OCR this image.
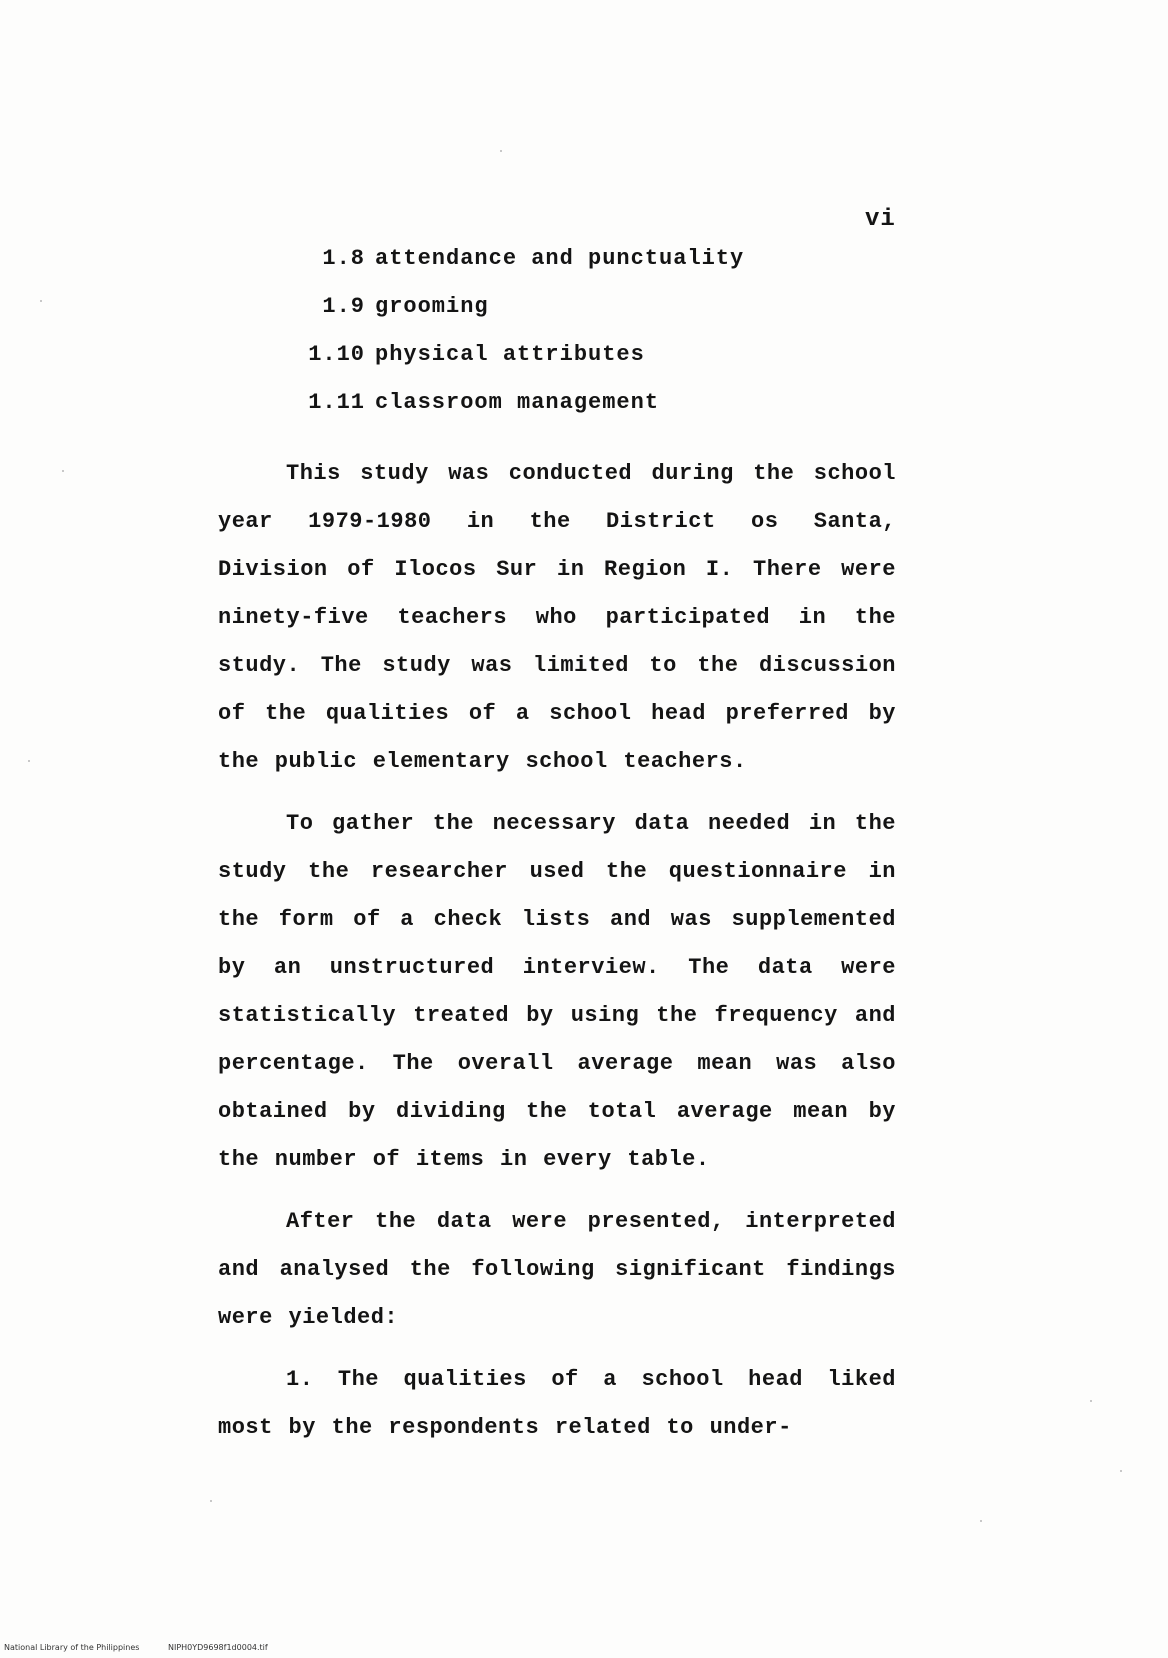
vi
1.8 attendance and punctuality
1.9 grooming
1.10 physical attributes
1.11 classroom management

This study was conducted during the school year 1979-1980 in the District os Santa, Division of Ilocos Sur in Region I. There were ninety-five teachers who participated in the study. The study was limited to the discussion of the qualities of a school head preferred by the public elementary school teachers.

To gather the necessary data needed in the study the researcher used the questionnaire in the form of a check lists and was supplemented by an unstructured interview. The data were statistically treated by using the frequency and percentage. The overall average mean was also obtained by dividing the total average mean by the number of items in every table.

After the data were presented, interpreted and analysed the following significant findings were yielded:

1. The qualities of a school head liked most by the respondents related to under-

National Library of the Philippines	NIPH0YD9698f1d0004.tif
